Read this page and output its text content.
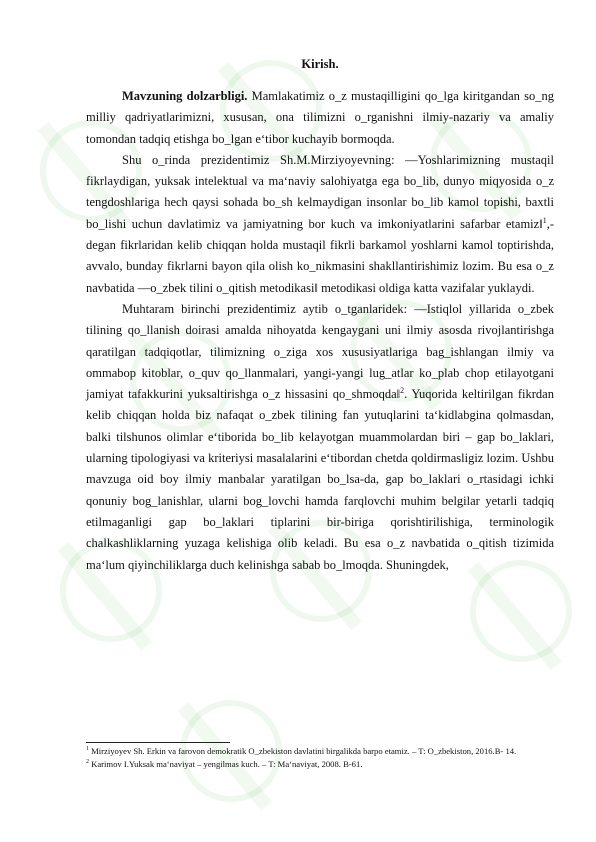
Kirish.

Mavzuning dolzarbligi. Mamlakatimiz o_z mustaqilligini qo_lga kiritgandan so_ng milliy qadriyatlarimizni, xususan, ona tilimizni o_rganishni ilmiy-nazariy va amaliy tomondan tadqiq etishga bo_lgan e‘tibor kuchayib bormoqda.

Shu o_rinda prezidentimiz Sh.M.Mirziyoyevning: ―Yoshlarimizning mustaqil fikrlaydigan, yuksak intelektual va ma‘naviy salohiyatga ega bo_lib, dunyo miqyosida o_z tengdoshlariga hech qaysi sohada bo_sh kelmaydigan insonlar bo_lib kamol topishi, baxtli bo_lishi uchun davlatimiz va jamiyatning bor kuch va imkoniyatlarini safarbar etamiz‖$^1$,- degan fikrlaridan kelib chiqqan holda mustaqil fikrli barkamol yoshlarni kamol toptirishda, avvalo, bunday fikrlarni bayon qila olish ko_nikmasini shakllantirishimiz lozim. Bu esa o_z navbatida ―o_zbek tilini o_qitish metodikasi‖ metodikasi oldiga katta vazifalar yuklaydi.

Muhtaram birinchi prezidentimiz aytib o_tganlaridek: ―Istiqlol yillarida o_zbek tilining qo_llanish doirasi amalda nihoyatda kengaygani uni ilmiy asosda rivojlantirishga qaratilgan tadqiqotlar, tilimizning o_ziga xos xususiyatlariga bag_ishlangan ilmiy va ommabop kitoblar, o_quv qo_llanmalari, yangi-yangi lug_atlar ko_plab chop etilayotgani jamiyat tafakkurini yuksaltirishga o_z hissasini qo_shmoqda‖$^2$. Yuqorida keltirilgan fikrdan kelib chiqqan holda biz nafaqat o_zbek tilining fan yutuqlarini ta‘kidlabgina qolmasdan, balki tilshunos olimlar e‘tiborida bo_lib kelayotgan muammolardan biri – gap bo_laklari, ularning tipologiyasi va kriteriysi masalalarini e‘tibordan chetda qoldirmasligiz lozim. Ushbu mavzuga oid boy ilmiy manbalar yaratilgan bo_lsa-da, gap bo_laklari o_rtasidagi ichki qonuniy bog_lanishlar, ularni bog_lovchi hamda farqlovchi muhim belgilar yetarli tadqiq etilmaganligi gap bo_laklari tiplarini bir-biriga qorishtirilishiga, terminologik chalkashliklarning yuzaga kelishiga olib keladi. Bu esa o_z navbatida o_qitish tizimida ma‘lum qiyinchiliklarga duch kelinishga sabab bo_lmoqda. Shuningdek,

$^1$ Mirziyoyev Sh. Erkin va farovon demokratik O_zbekiston davlatini birgalikda barpo etamiz. – T: O_zbekiston, 2016.B- 14.

$^2$ Karimov I.Yuksak ma‘naviyat – yengilmas kuch. – T: Ma‘naviyat, 2008. B-61.
